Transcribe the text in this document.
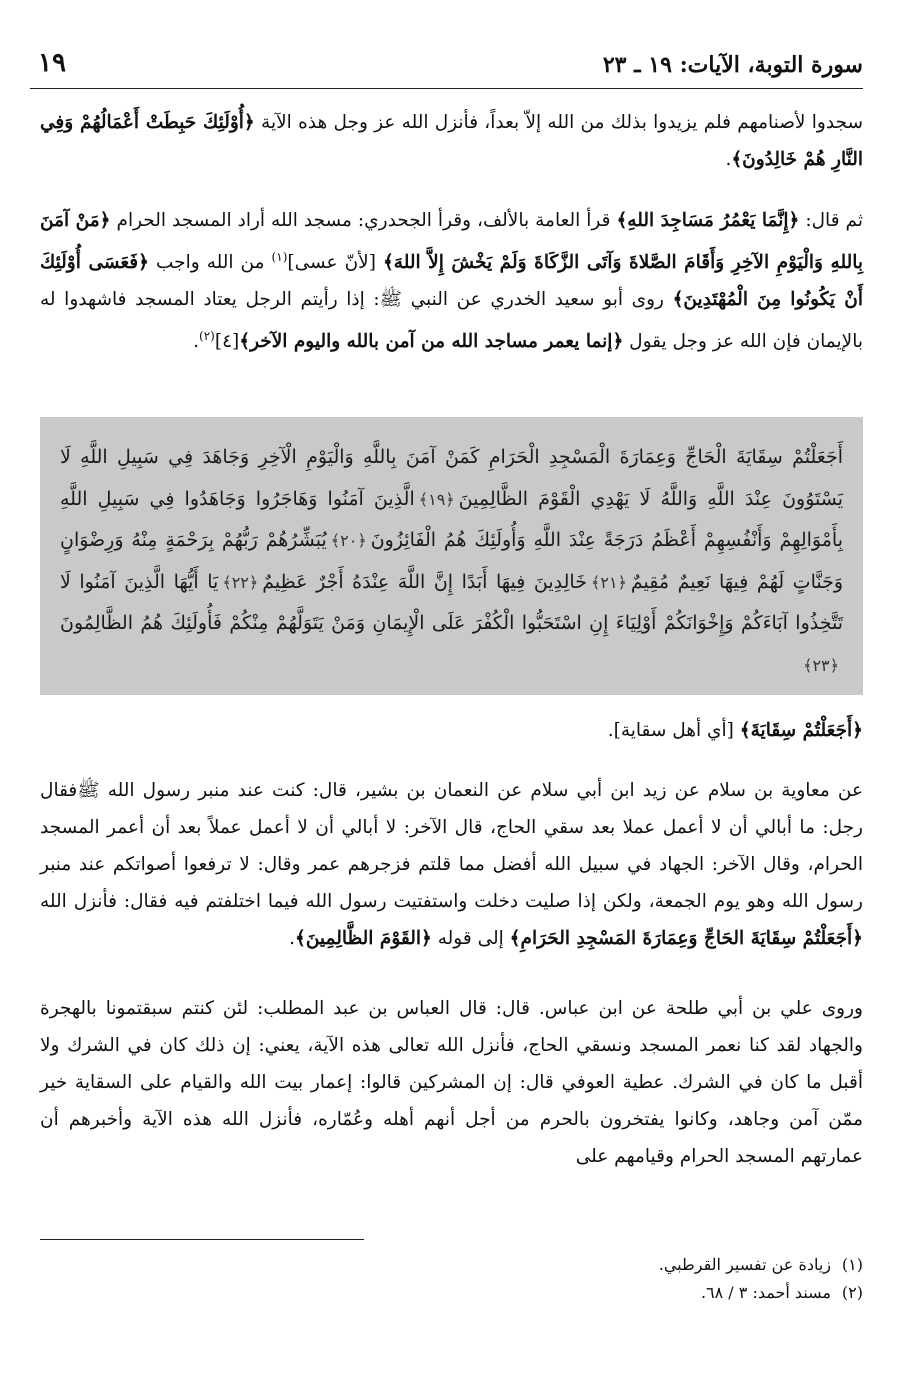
سورة التوبة، الآيات: ١٩ ـ ٢٣
١٩

سجدوا لأصنامهم فلم يزيدوا بذلك من الله إلاّ بعداً، فأنزل الله عز وجل هذه الآية ﴿أُوْلَئِكَ حَبِطَتْ أَعْمَالُهُمْ وَفِي النَّارِ هُمْ خَالِدُونَ﴾.

ثم قال: ﴿إِنَّمَا يَعْمُرُ مَسَاجِدَ اللهِ﴾ قرأ العامة بالألف، وقرأ الجحدري: مسجد الله أراد المسجد الحرام ﴿مَنْ آمَنَ بِاللهِ وَالْيَوْمِ الآخِرِ وَأَقَامَ الصَّلاةَ وَآتَى الزَّكَاةَ وَلَمْ يَخْشَ إِلاَّ اللهَ﴾ [لأنّ عسى]$^{(١)}$ من الله واجب ﴿فَعَسَى أُوْلَئِكَ أَنْ يَكُونُوا مِنَ الْمُهْتَدِينَ﴾ روى أبو سعيد الخدري عن النبي ﷺ: إذا رأيتم الرجل يعتاد المسجد فاشهدوا له بالإيمان فإن الله عز وجل يقول ﴿إنما يعمر مساجد الله من آمن بالله واليوم الآخر﴾[٤]$^{(٢)}$.

أَجَعَلْتُمْ سِقَايَةَ الْحَاجِّ وَعِمَارَةَ الْمَسْجِدِ الْحَرَامِ كَمَنْ آمَنَ بِاللَّهِ وَالْيَوْمِ الْآخِرِ وَجَاهَدَ فِي سَبِيلِ اللَّهِ لَا يَسْتَوُونَ عِنْدَ اللَّهِ وَاللَّهُ لَا يَهْدِي الْقَوْمَ الظَّالِمِينَ﴿١٩﴾الَّذِينَ آمَنُوا وَهَاجَرُوا وَجَاهَدُوا فِي سَبِيلِ اللَّهِ بِأَمْوَالِهِمْ وَأَنْفُسِهِمْ أَعْظَمُ دَرَجَةً عِنْدَ اللَّهِ وَأُولَئِكَ هُمُ الْفَائِزُونَ﴿٢٠﴾يُبَشِّرُهُمْ رَبُّهُمْ بِرَحْمَةٍ مِنْهُ وَرِضْوَانٍ وَجَنَّاتٍ لَهُمْ فِيهَا نَعِيمٌ مُقِيمٌ﴿٢١﴾خَالِدِينَ فِيهَا أَبَدًا إِنَّ اللَّهَ عِنْدَهُ أَجْرٌ عَظِيمٌ﴿٢٢﴾يَا أَيُّهَا الَّذِينَ آمَنُوا لَا تَتَّخِذُوا آبَاءَكُمْ وَإِخْوَانَكُمْ أَوْلِيَاءَ إِنِ اسْتَحَبُّوا الْكُفْرَ عَلَى الْإِيمَانِ وَمَنْ يَتَوَلَّهُمْ مِنْكُمْ فَأُولَئِكَ هُمُ الظَّالِمُونَ﴿٢٣﴾

﴿أَجَعَلْتُمْ سِقَايَةَ﴾ [أي أهل سقاية].

عن معاوية بن سلام عن زيد ابن أبي سلام عن النعمان بن بشير، قال: كنت عند منبر رسول الله ﷺفقال رجل: ما أبالي أن لا أعمل عملا بعد سقي الحاج، قال الآخر: لا أبالي أن لا أعمل عملاً بعد أن أعمر المسجد الحرام، وقال الآخر: الجهاد في سبيل الله أفضل مما قلتم فزجرهم عمر وقال: لا ترفعوا أصواتكم عند منبر رسول الله وهو يوم الجمعة، ولكن إذا صليت دخلت واستفتيت رسول الله فيما اختلفتم فيه فقال: فأنزل الله ﴿أَجَعَلْتُمْ سِقَايَةَ الحَاجِّ وَعِمَارَةَ المَسْجِدِ الحَرَامِ﴾ إلى قوله ﴿القَوْمَ الظَّالِمِينَ﴾.

وروى علي بن أبي طلحة عن ابن عباس. قال: قال العباس بن عبد المطلب: لئن كنتم سبقتمونا بالهجرة والجهاد لقد كنا نعمر المسجد ونسقي الحاج، فأنزل الله تعالى هذه الآية، يعني: إن ذلك كان في الشرك ولا أقبل ما كان في الشرك. عطية العوفي قال: إن المشركين قالوا: إعمار بيت الله والقيام على السقاية خير ممّن آمن وجاهد، وكانوا يفتخرون بالحرم من أجل أنهم أهله وعُمّاره، فأنزل الله هذه الآية وأخبرهم أن عمارتهم المسجد الحرام وقيامهم على

(١)زيادة عن تفسير القرطبي.
(٢)مسند أحمد: ٣ / ٦٨.
